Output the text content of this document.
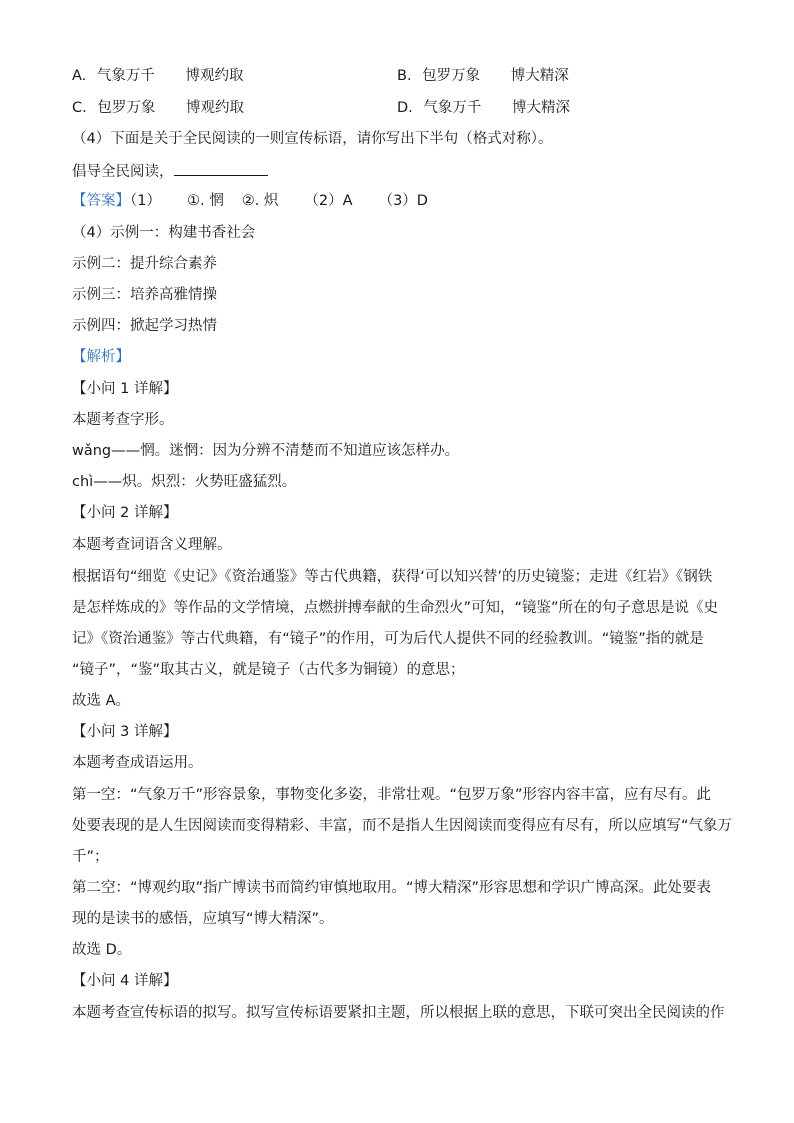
A. 气象万千 博观约取	B. 包罗万象 博大精深
C. 包罗万象 博观约取	D. 气象万千 博大精深
（4）下面是关于全民阅读的一则宣传标语，请你写出下半句（格式对称）。
倡导全民阅读，
【答案】（1） ①. 惘 ②. 炽 （2）A （3）D
（4）示例一：构建书香社会
示例二：提升综合素养
示例三：培养高雅情操
示例四：掀起学习热情
【解析】
【小问 1 详解】
本题考查字形。
wǎng——惘。迷惘：因为分辨不清楚而不知道应该怎样办。
chì——炽。炽烈：火势旺盛猛烈。
【小问 2 详解】
本题考查词语含义理解。
根据语句“细览《史记》《资治通鉴》等古代典籍，获得‘可以知兴替’的历史镜鉴；走进《红岩》《钢铁
是怎样炼成的》等作品的文学情境，点燃拼搏奉献的生命烈火”可知，“镜鉴”所在的句子意思是说《史
记》《资治通鉴》等古代典籍，有“镜子”的作用，可为后代人提供不同的经验教训。“镜鉴”指的就是
“镜子”，“鉴”取其古义，就是镜子（古代多为铜镜）的意思；
故选 A。
【小问 3 详解】
本题考查成语运用。
第一空：“气象万千”形容景象，事物变化多姿，非常壮观。“包罗万象”形容内容丰富，应有尽有。此
处要表现的是人生因阅读而变得精彩、丰富，而不是指人生因阅读而变得应有尽有，所以应填写“气象万
千”；
第二空：“博观约取”指广博读书而简约审慎地取用。“博大精深”形容思想和学识广博高深。此处要表
现的是读书的感悟，应填写“博大精深”。
故选 D。
【小问 4 详解】
本题考查宣传标语的拟写。拟写宣传标语要紧扣主题，所以根据上联的意思，下联可突出全民阅读的作
